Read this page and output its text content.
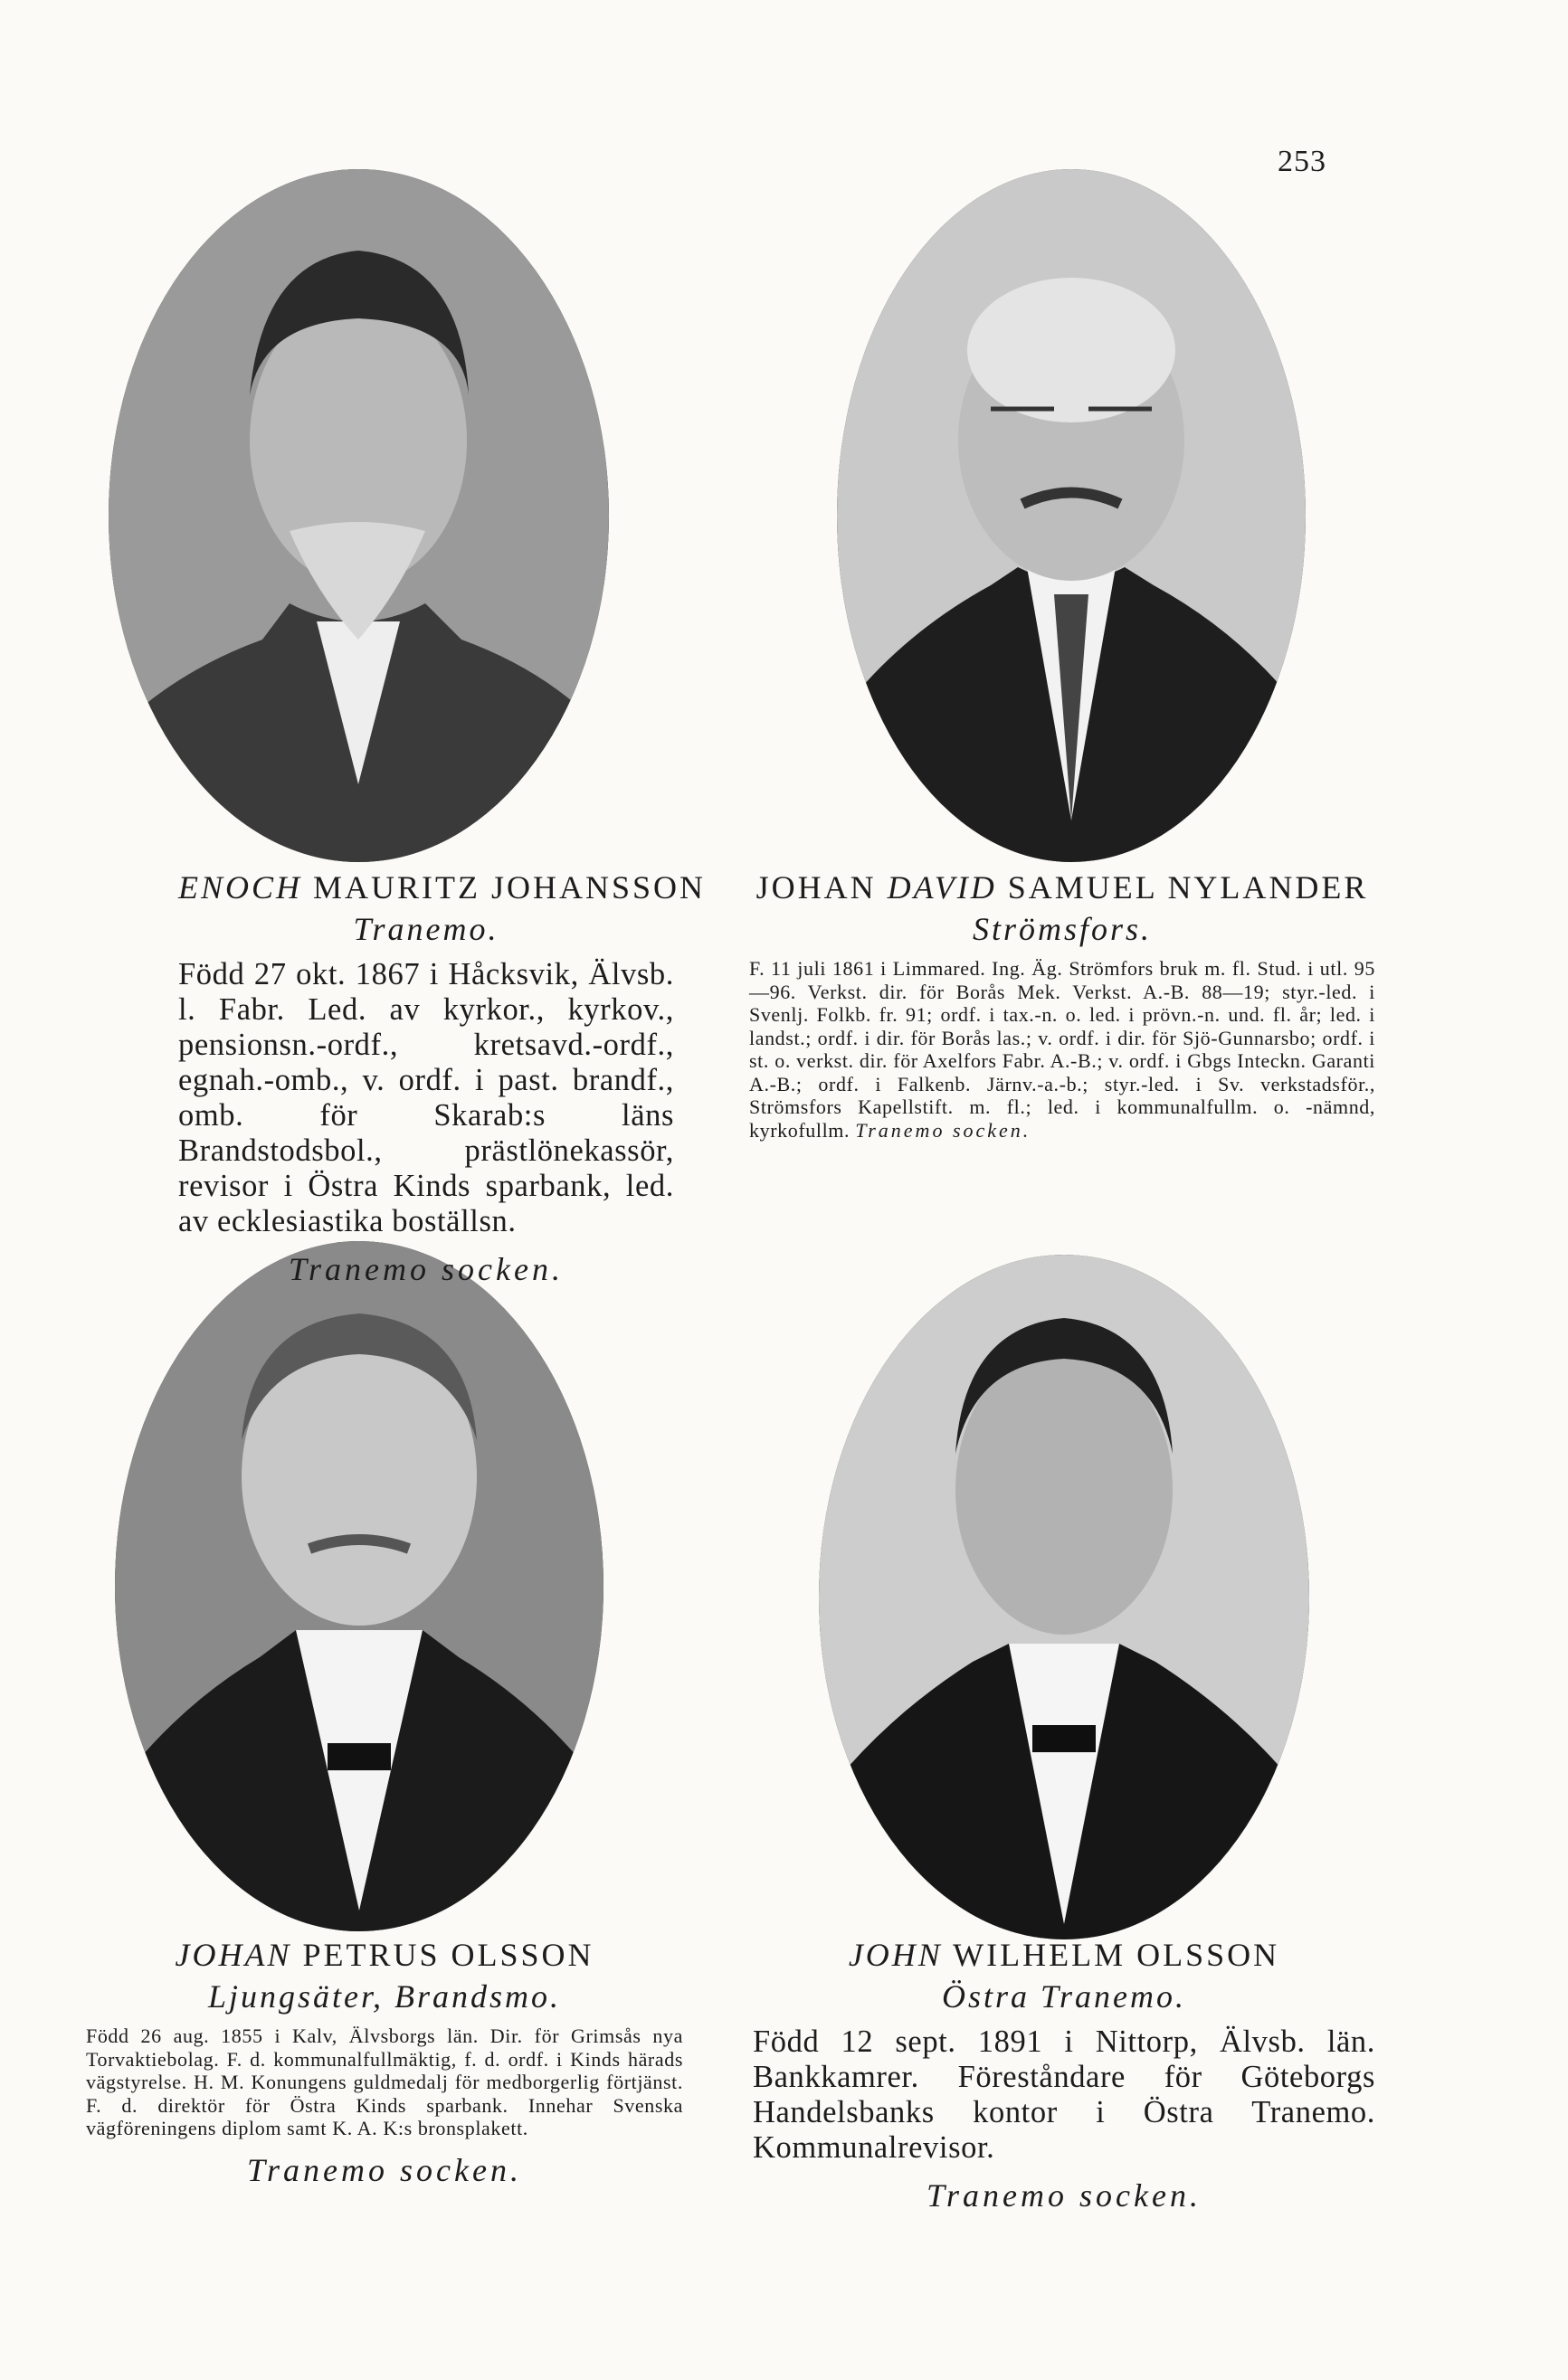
253

ENOCH MAURITZ JOHANSSON

Tranemo.

Född 27 okt. 1867 i Håcksvik, Älvsb. l. Fabr. Led. av kyrkor., kyrkov., pensionsn.-ordf., kretsavd.-ordf., egnah.-omb., v. ordf. i past. brandf., omb. för Skarab:s läns Brandstodsbol., prästlönekassör, revisor i Östra Kinds sparbank, led. av ecklesiastika boställsn.

Tranemo socken.

JOHAN DAVID SAMUEL NYLANDER

Strömsfors.

F. 11 juli 1861 i Limmared. Ing. Äg. Strömfors bruk m. fl. Stud. i utl. 95—96. Verkst. dir. för Borås Mek. Verkst. A.-B. 88—19; styr.-led. i Svenlj. Folkb. fr. 91; ordf. i tax.-n. o. led. i prövn.-n. und. fl. år; led. i landst.; ordf. i dir. för Borås las.; v. ordf. i dir. för Sjö-Gunnarsbo; ordf. i st. o. verkst. dir. för Axelfors Fabr. A.-B.; v. ordf. i Gbgs Inteckn. Garanti A.-B.; ordf. i Falkenb. Järnv.-a.-b.; styr.-led. i Sv. verkstadsför., Strömsfors Kapellstift. m. fl.; led. i kommunalfullm. o. -nämnd, kyrkofullm. Tranemo socken.

JOHAN PETRUS OLSSON

Ljungsäter, Brandsmo.

Född 26 aug. 1855 i Kalv, Älvsborgs län. Dir. för Grimsås nya Torvaktiebolag. F. d. kommunalfullmäktig, f. d. ordf. i Kinds härads vägstyrelse. H. M. Konungens guldmedalj för medborgerlig förtjänst. F. d. direktör för Östra Kinds sparbank. Innehar Svenska vägföreningens diplom samt K. A. K:s bronsplakett.

Tranemo socken.

JOHN WILHELM OLSSON

Östra Tranemo.

Född 12 sept. 1891 i Nittorp, Älvsb. län. Bankkamrer. Föreståndare för Göteborgs Handelsbanks kontor i Östra Tranemo. Kommunalrevisor.

Tranemo socken.
